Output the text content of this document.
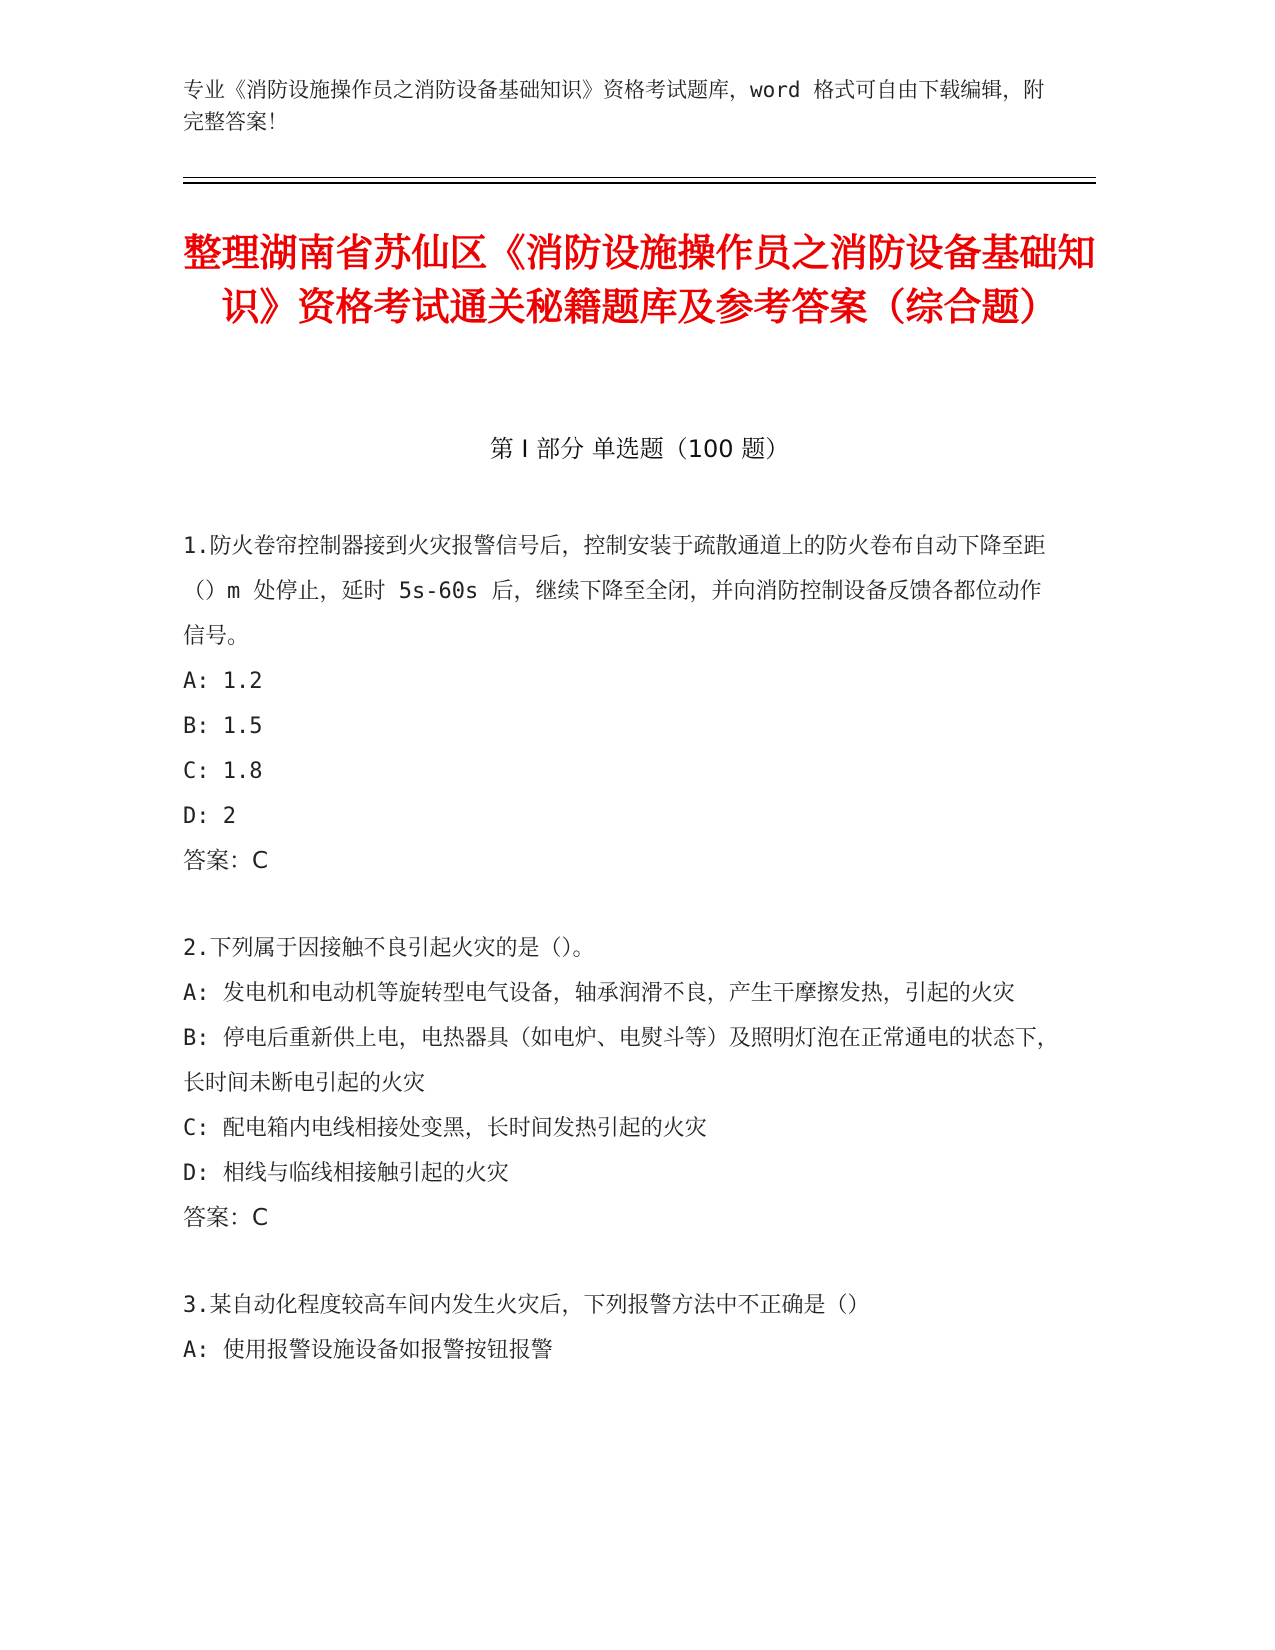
专业《消防设施操作员之消防设备基础知识》资格考试题库，word 格式可自由下载编辑，附完整答案！
整理湖南省苏仙区《消防设施操作员之消防设备基础知识》资格考试通关秘籍题库及参考答案（综合题）
第 I 部分 单选题（100 题）
1.防火卷帘控制器接到火灾报警信号后，控制安装于疏散通道上的防火卷布自动下降至距（）m 处停止，延时 5s-60s 后，继续下降至全闭，并向消防控制设备反馈各都位动作信号。
A: 1.2
B: 1.5
C: 1.8
D: 2
答案：C
2.下列属于因接触不良引起火灾的是（）。
A: 发电机和电动机等旋转型电气设备，轴承润滑不良，产生干摩擦发热，引起的火灾
B: 停电后重新供上电，电热器具（如电炉、电熨斗等）及照明灯泡在正常通电的状态下，长时间未断电引起的火灾
C: 配电箱内电线相接处变黑，长时间发热引起的火灾
D: 相线与临线相接触引起的火灾
答案：C
3.某自动化程度较高车间内发生火灾后，下列报警方法中不正确是（）
A: 使用报警设施设备如报警按钮报警
